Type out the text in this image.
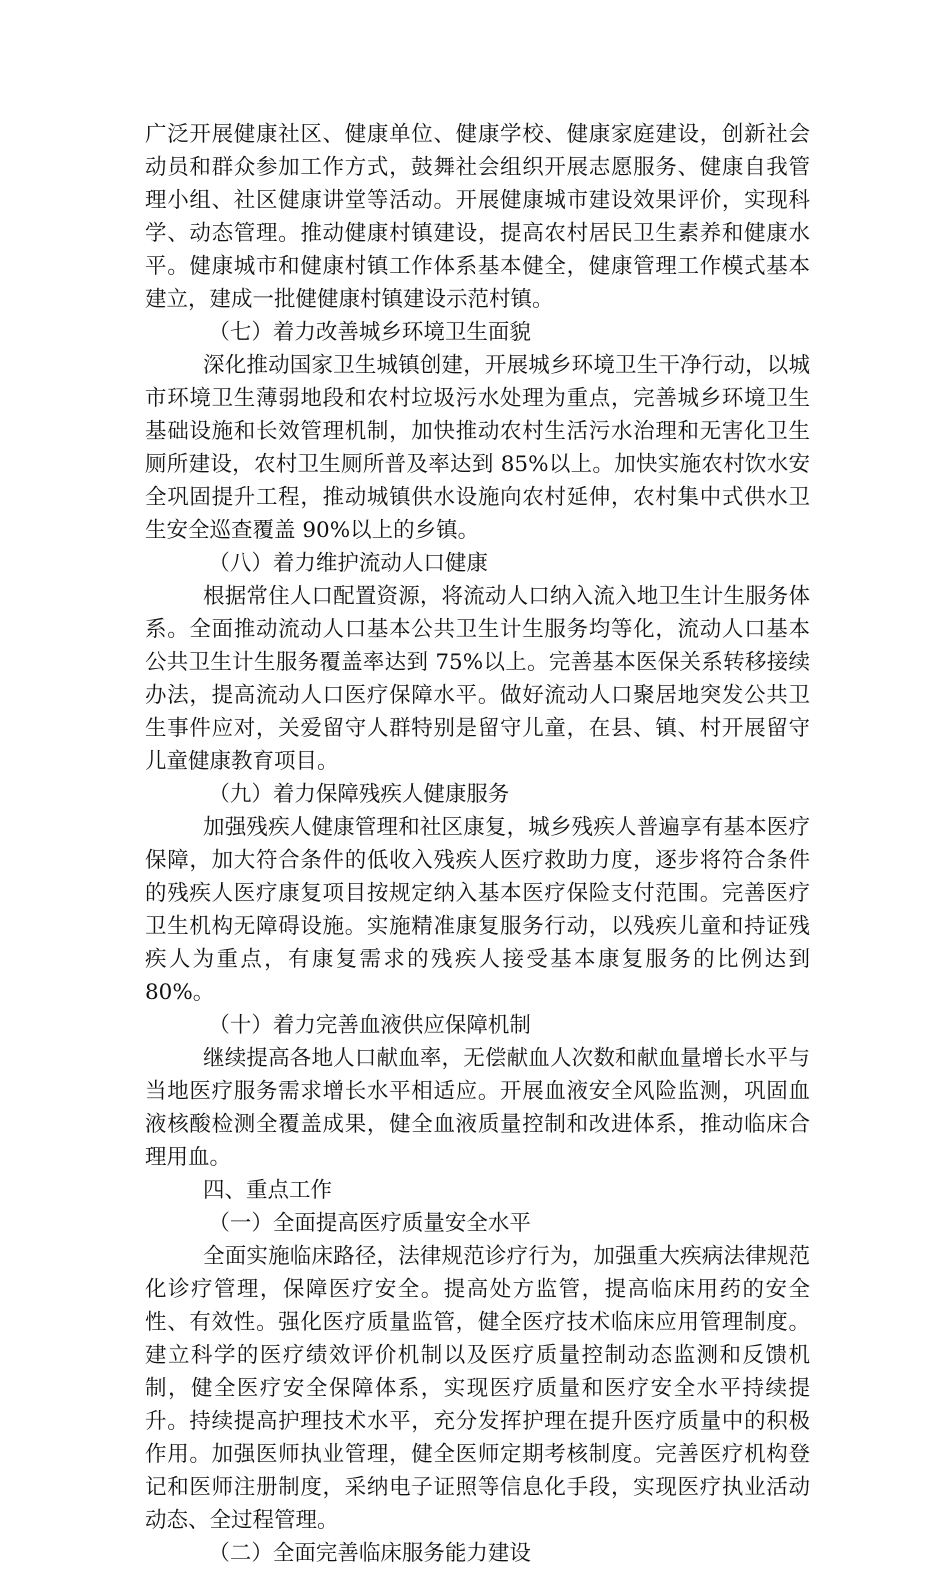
广泛开展健康社区、健康单位、健康学校、健康家庭建设，创新社会动员和群众参加工作方式，鼓舞社会组织开展志愿服务、健康自我管理小组、社区健康讲堂等活动。开展健康城市建设效果评价，实现科学、动态管理。推动健康村镇建设，提高农村居民卫生素养和健康水平。健康城市和健康村镇工作体系基本健全，健康管理工作模式基本建立，建成一批健健康村镇建设示范村镇。

（七）着力改善城乡环境卫生面貌

深化推动国家卫生城镇创建，开展城乡环境卫生干净行动，以城市环境卫生薄弱地段和农村垃圾污水处理为重点，完善城乡环境卫生基础设施和长效管理机制，加快推动农村生活污水治理和无害化卫生厕所建设，农村卫生厕所普及率达到 85%以上。加快实施农村饮水安全巩固提升工程，推动城镇供水设施向农村延伸，农村集中式供水卫生安全巡查覆盖 90%以上的乡镇。

（八）着力维护流动人口健康

根据常住人口配置资源，将流动人口纳入流入地卫生计生服务体系。全面推动流动人口基本公共卫生计生服务均等化，流动人口基本公共卫生计生服务覆盖率达到 75%以上。完善基本医保关系转移接续办法，提高流动人口医疗保障水平。做好流动人口聚居地突发公共卫生事件应对，关爱留守人群特别是留守儿童，在县、镇、村开展留守儿童健康教育项目。

（九）着力保障残疾人健康服务

加强残疾人健康管理和社区康复，城乡残疾人普遍享有基本医疗保障，加大符合条件的低收入残疾人医疗救助力度，逐步将符合条件的残疾人医疗康复项目按规定纳入基本医疗保险支付范围。完善医疗卫生机构无障碍设施。实施精准康复服务行动，以残疾儿童和持证残疾人为重点，有康复需求的残疾人接受基本康复服务的比例达到 80%。

（十）着力完善血液供应保障机制

继续提高各地人口献血率，无偿献血人次数和献血量增长水平与当地医疗服务需求增长水平相适应。开展血液安全风险监测，巩固血液核酸检测全覆盖成果，健全血液质量控制和改进体系，推动临床合理用血。

四、重点工作

（一）全面提高医疗质量安全水平

全面实施临床路径，法律规范诊疗行为，加强重大疾病法律规范化诊疗管理，保障医疗安全。提高处方监管，提高临床用药的安全性、有效性。强化医疗质量监管，健全医疗技术临床应用管理制度。建立科学的医疗绩效评价机制以及医疗质量控制动态监测和反馈机制，健全医疗安全保障体系，实现医疗质量和医疗安全水平持续提升。持续提高护理技术水平，充分发挥护理在提升医疗质量中的积极作用。加强医师执业管理，健全医师定期考核制度。完善医疗机构登记和医师注册制度，采纳电子证照等信息化手段，实现医疗执业活动动态、全过程管理。

（二）全面完善临床服务能力建设
